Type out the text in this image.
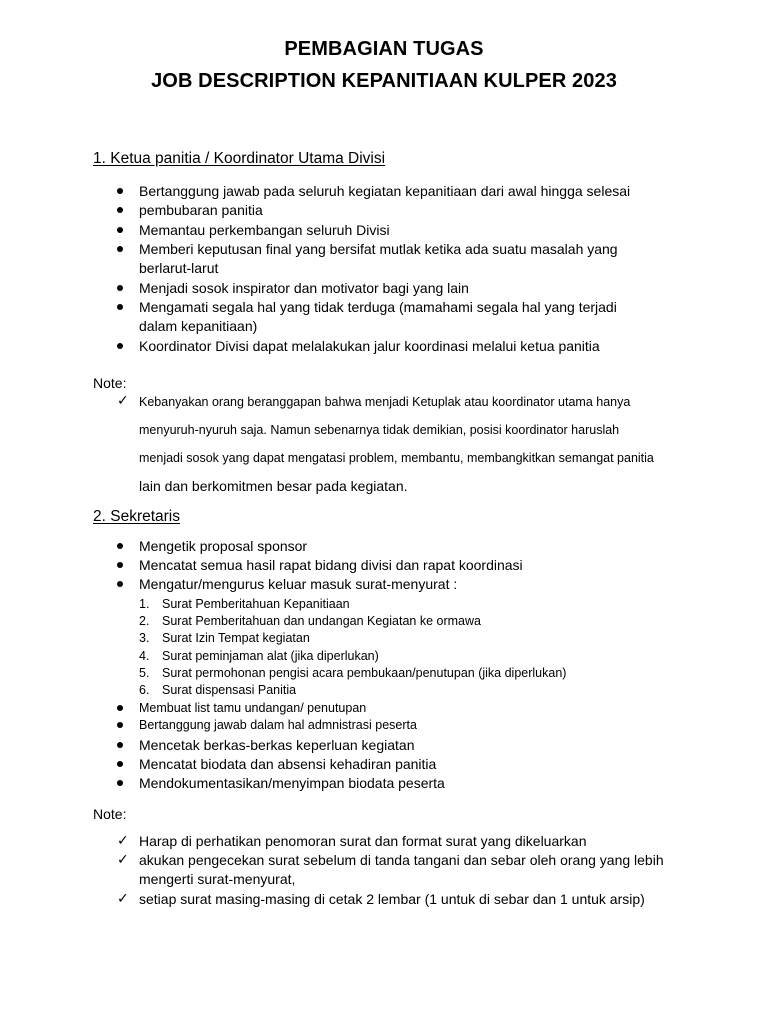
PEMBAGIAN TUGAS
JOB DESCRIPTION KEPANITIAAN KULPER 2023
1. Ketua panitia / Koordinator Utama Divisi
Bertanggung jawab pada seluruh kegiatan kepanitiaan dari awal hingga selesai
pembubaran panitia
Memantau perkembangan seluruh Divisi
Memberi keputusan final yang bersifat mutlak ketika ada suatu masalah yang
berlarut-larut
Menjadi sosok inspirator dan motivator bagi yang lain
Mengamati segala hal yang tidak terduga (mamahami segala hal yang terjadi
dalam kepanitiaan)
Koordinator Divisi dapat melalakukan jalur koordinasi melalui ketua panitia
Note:
✓ Kebanyakan orang beranggapan bahwa menjadi Ketuplak atau koordinator utama hanya
menyuruh-nyuruh saja. Namun sebenarnya tidak demikian, posisi koordinator haruslah
menjadi sosok yang dapat mengatasi problem, membantu, membangkitkan semangat panitia
lain dan berkomitmen besar pada kegiatan.
2. Sekretaris
Mengetik proposal sponsor
Mencatat semua hasil rapat bidang divisi dan rapat koordinasi
Mengatur/mengurus keluar masuk surat-menyurat :
1. Surat Pemberitahuan Kepanitiaan
2. Surat Pemberitahuan dan undangan Kegiatan ke ormawa
3. Surat Izin Tempat kegiatan
4. Surat peminjaman alat (jika diperlukan)
5. Surat permohonan pengisi acara pembukaan/penutupan (jika diperlukan)
6. Surat dispensasi Panitia
Membuat list tamu undangan/ penutupan
Bertanggung jawab dalam hal admnistrasi peserta
Mencetak berkas-berkas keperluan kegiatan
Mencatat biodata dan absensi kehadiran panitia
Mendokumentasikan/menyimpan biodata peserta
Note:
✓ Harap di perhatikan penomoran surat dan format surat yang dikeluarkan
✓ akukan pengecekan surat sebelum di tanda tangani dan sebar oleh orang yang lebih
mengerti surat-menyurat,
✓ setiap surat masing-masing di cetak 2 lembar (1 untuk di sebar dan 1 untuk arsip)
